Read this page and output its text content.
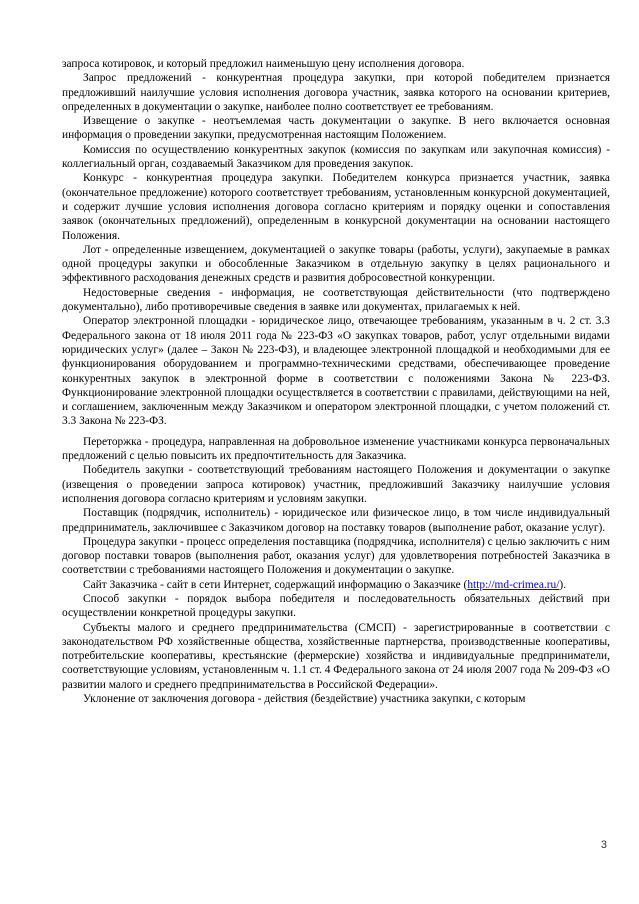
запроса котировок, и который предложил наименьшую цену исполнения договора.

Запрос предложений - конкурентная процедура закупки, при которой победителем признается предложивший наилучшие условия исполнения договора участник, заявка которого на основании критериев, определенных в документации о закупке, наиболее полно соответствует ее требованиям.

Извещение о закупке - неотъемлемая часть документации о закупке. В него включается основная информация о проведении закупки, предусмотренная настоящим Положением.

Комиссия по осуществлению конкурентных закупок (комиссия по закупкам или закупочная комиссия) - коллегиальный орган, создаваемый Заказчиком для проведения закупок.

Конкурс - конкурентная процедура закупки. Победителем конкурса признается участник, заявка (окончательное предложение) которого соответствует требованиям, установленным конкурсной документацией, и содержит лучшие условия исполнения договора согласно критериям и порядку оценки и сопоставления заявок (окончательных предложений), определенным в конкурсной документации на основании настоящего Положения.

Лот - определенные извещением, документацией о закупке товары (работы, услуги), закупаемые в рамках одной процедуры закупки и обособленные Заказчиком в отдельную закупку в целях рационального и эффективного расходования денежных средств и развития добросовестной конкуренции.

Недостоверные сведения - информация, не соответствующая действительности (что подтверждено документально), либо противоречивые сведения в заявке или документах, прилагаемых к ней.

Оператор электронной площадки - юридическое лицо, отвечающее требованиям, указанным в ч. 2 ст. 3.3 Федерального закона от 18 июля 2011 года № 223-ФЗ «О закупках товаров, работ, услуг отдельными видами юридических услуг» (далее – Закон № 223-ФЗ), и владеющее электронной площадкой и необходимыми для ее функционирования оборудованием и программно-техническими средствами, обеспечивающее проведение конкурентных закупок в электронной форме в соответствии с положениями Закона № 223-ФЗ. Функционирование электронной площадки осуществляется в соответствии с правилами, действующими на ней, и соглашением, заключенным между Заказчиком и оператором электронной площадки, с учетом положений ст. 3.3 Закона № 223-ФЗ.

Переторжка - процедура, направленная на добровольное изменение участниками конкурса первоначальных предложений с целью повысить их предпочтительность для Заказчика.

Победитель закупки - соответствующий требованиям настоящего Положения и документации о закупке (извещения о проведении запроса котировок) участник, предложивший Заказчику наилучшие условия исполнения договора согласно критериям и условиям закупки.

Поставщик (подрядчик, исполнитель) - юридическое или физическое лицо, в том числе индивидуальный предприниматель, заключившее с Заказчиком договор на поставку товаров (выполнение работ, оказание услуг).

Процедура закупки - процесс определения поставщика (подрядчика, исполнителя) с целью заключить с ним договор поставки товаров (выполнения работ, оказания услуг) для удовлетворения потребностей Заказчика в соответствии с требованиями настоящего Положения и документации о закупке.

Сайт Заказчика - сайт в сети Интернет, содержащий информацию о Заказчике (http://md-crimea.ru/).

Способ закупки - порядок выбора победителя и последовательность обязательных действий при осуществлении конкретной процедуры закупки.

Субъекты малого и среднего предпринимательства (СМСП) - зарегистрированные в соответствии с законодательством РФ хозяйственные общества, хозяйственные партнерства, производственные кооперативы, потребительские кооперативы, крестьянские (фермерские) хозяйства и индивидуальные предприниматели, соответствующие условиям, установленным ч. 1.1 ст. 4 Федерального закона от 24 июля 2007 года № 209-ФЗ «О развитии малого и среднего предпринимательства в Российской Федерации».

Уклонение от заключения договора - действия (бездействие) участника закупки, с которым

3
